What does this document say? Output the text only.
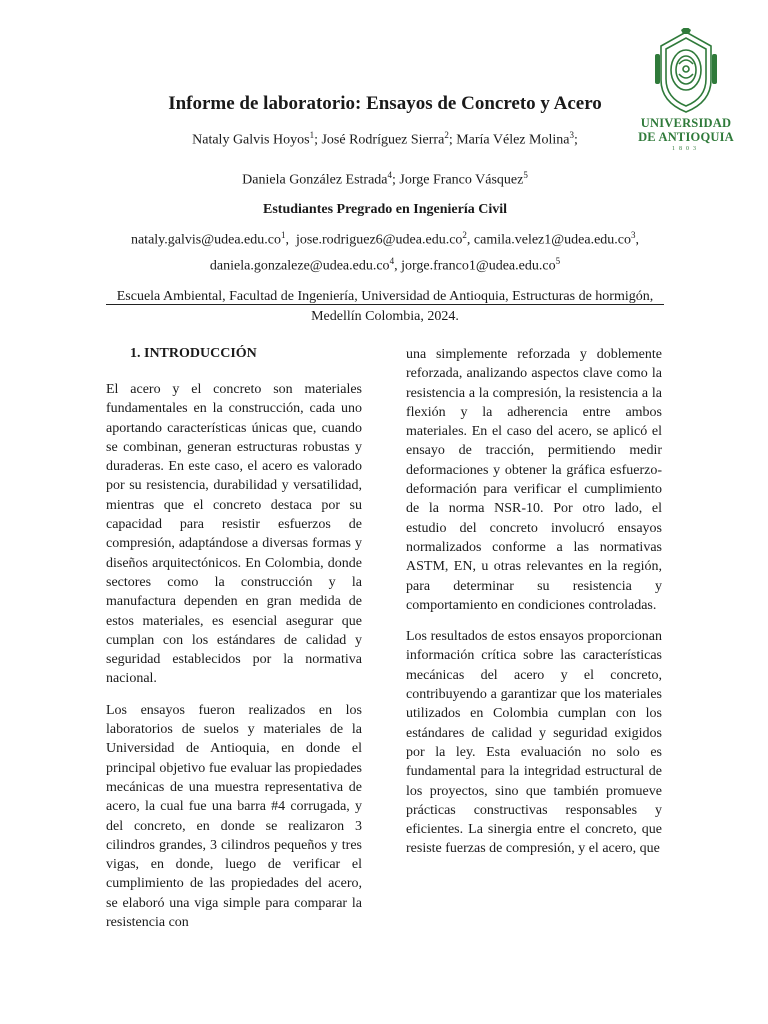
UNIVERSIDAD
DE ANTIOQUIA
1803
Informe de laboratorio: Ensayos de Concreto y Acero
Nataly Galvis Hoyos$^1$; José Rodríguez Sierra$^2$; María Vélez Molina$^3$;
Daniela González Estrada$^4$; Jorge Franco Vásquez$^5$
Estudiantes Pregrado en Ingeniería Civil
$nataly.galvis@udea.edu.co^1$,  $jose.rodriguez6@udea.edu.co^2$, $camila.velez1@udea.edu.co^3$,
$daniela.gonzaleze@udea.edu.co^4$, $jorge.franco1@udea.edu.co^5$
Escuela Ambiental, Facultad de Ingeniería, Universidad de Antioquia, Estructuras de hormigón, Medellín Colombia, 2024.
1. INTRODUCCIÓN

El acero y el concreto son materiales fundamentales en la construcción, cada uno aportando características únicas que, cuando se combinan, generan estructuras robustas y duraderas. En este caso, el acero es valorado por su resistencia, durabilidad y versatilidad, mientras que el concreto destaca por su capacidad para resistir esfuerzos de compresión, adaptándose a diversas formas y diseños arquitectónicos. En Colombia, donde sectores como la construcción y la manufactura dependen en gran medida de estos materiales, es esencial asegurar que cumplan con los estándares de calidad y seguridad establecidos por la normativa nacional.

Los ensayos fueron realizados en los laboratorios de suelos y materiales de la Universidad de Antioquia, en donde el principal objetivo fue evaluar las propiedades mecánicas de una muestra representativa de acero, la cual fue una barra #4 corrugada, y del concreto, en donde se realizaron 3 cilindros grandes, 3 cilindros pequeños y tres vigas, en donde, luego de verificar el cumplimiento de las propiedades del acero, se elaboró una viga simple para comparar la resistencia con

una simplemente reforzada y doblemente reforzada, analizando aspectos clave como la resistencia a la compresión, la resistencia a la flexión y la adherencia entre ambos materiales. En el caso del acero, se aplicó el ensayo de tracción, permitiendo medir deformaciones y obtener la gráfica esfuerzo-deformación para verificar el cumplimiento de la norma NSR-10. Por otro lado, el estudio del concreto involucró ensayos normalizados conforme a las normativas ASTM, EN, u otras relevantes en la región, para determinar su resistencia y comportamiento en condiciones controladas.

Los resultados de estos ensayos proporcionan información crítica sobre las características mecánicas del acero y el concreto, contribuyendo a garantizar que los materiales utilizados en Colombia cumplan con los estándares de calidad y seguridad exigidos por la ley. Esta evaluación no solo es fundamental para la integridad estructural de los proyectos, sino que también promueve prácticas constructivas responsables y eficientes. La sinergia entre el concreto, que resiste fuerzas de compresión, y el acero, que
